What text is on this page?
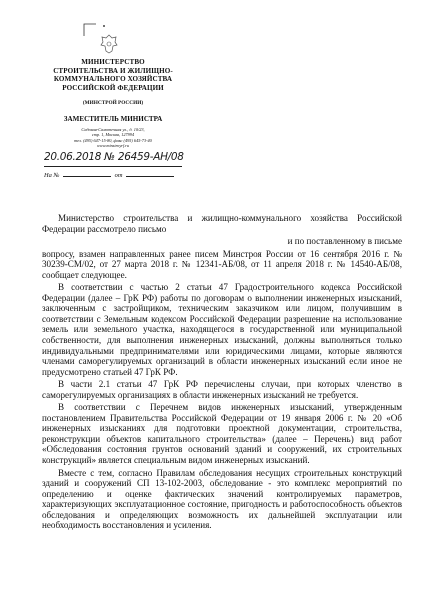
МИНИСТЕРСТВО
СТРОИТЕЛЬСТВА И ЖИЛИЩНО-
КОММУНАЛЬНОГО ХОЗЯЙСТВА
РОССИЙСКОЙ ФЕДЕРАЦИИ
(МИНСТРОЙ РОССИИ)
ЗАМЕСТИТЕЛЬ МИНИСТРА
Садовая-Самотечная ул., д. 10/23,
стр. 1, Москва, 127994
тел. (495) 647-15-80, факс (495) 645-73-40
www.minstroyrf.ru
20.06.2018 № 26459-АН/08
На №	от

Министерство строительства и жилищно-коммунального хозяйства Российской Федерации рассмотрело письмо

и по поставленному в письме

вопросу, взамен направленных ранее писем Минстроя России от 16 сентября 2016 г. № 30239-СМ/02, от 27 марта 2018 г. № 12341-АБ/08, от 11 апреля 2018 г. № 14540-АБ/08, сообщает следующее.

В соответствии с частью 2 статьи 47 Градостроительного кодекса Российской Федерации (далее – ГрК РФ) работы по договорам о выполнении инженерных изысканий, заключенным с застройщиком, техническим заказчиком или лицом, получившим в соответствии с Земельным кодексом Российской Федерации разрешение на использование земель или земельного участка, находящегося в государственной или муниципальной собственности, для выполнения инженерных изысканий, должны выполняться только индивидуальными предпринимателями или юридическими лицами, которые являются членами саморегулируемых организаций в области инженерных изысканий если иное не предусмотрено статьей 47 ГрК РФ.

В части 2.1 статьи 47 ГрК РФ перечислены случаи, при которых членство в саморегулируемых организациях в области инженерных изысканий не требуется.

В соответствии с Перечнем видов инженерных изысканий, утвержденным постановлением Правительства Российской Федерации от 19 января 2006 г. № 20 «Об инженерных изысканиях для подготовки проектной документации, строительства, реконструкции объектов капитального строительства» (далее – Перечень) вид работ «Обследования состояния грунтов оснований зданий и сооружений, их строительных конструкций» является специальным видом инженерных изысканий.

Вместе с тем, согласно Правилам обследования несущих строительных конструкций зданий и сооружений СП 13-102-2003, обследование - это комплекс мероприятий по определению и оценке фактических значений контролируемых параметров, характеризующих эксплуатационное состояние, пригодность и работоспособность объектов обследования и определяющих возможность их дальнейшей эксплуатации или необходимость восстановления и усиления.
